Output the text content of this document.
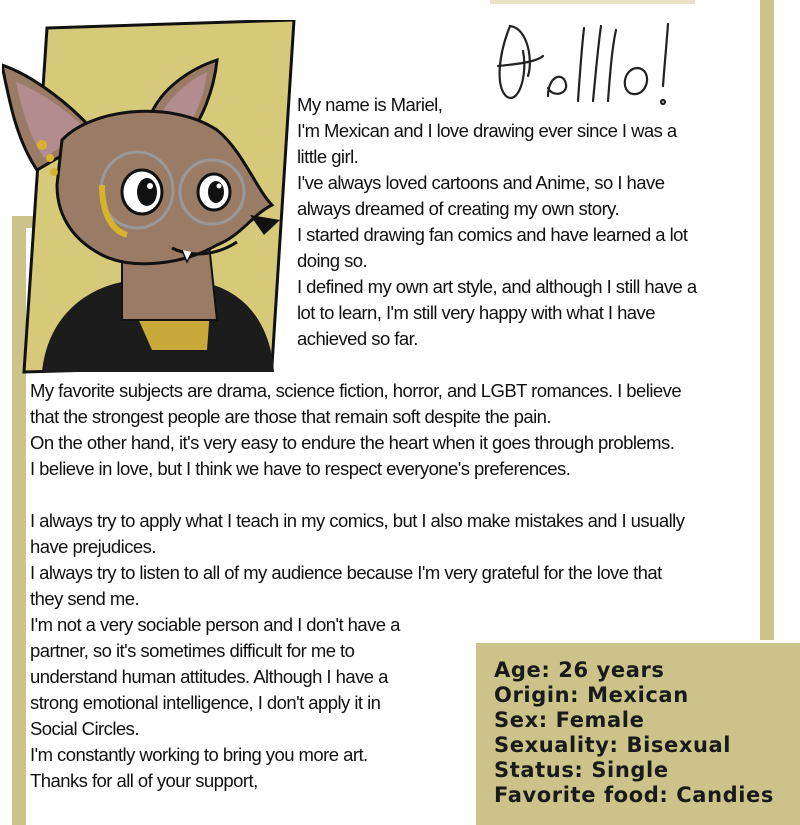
My name is Mariel,

I'm Mexican and I love drawing ever since I was a

little girl.

I've always loved cartoons and Anime, so I have

always dreamed of creating my own story.

I started drawing fan comics and have learned a lot

doing so.

I defined my own art style, and although I still have a

lot to learn, I'm still very happy with what I have

achieved so far.

My favorite subjects are drama, science fiction, horror, and LGBT romances. I believe

that the strongest people are those that remain soft despite the pain.

On the other hand, it's very easy to endure the heart when it goes through problems.

I believe in love, but I think we have to respect everyone's preferences.

I always try to apply what I teach in my comics, but I also make mistakes and I usually

have prejudices.

I always try to listen to all of my audience because I'm very grateful for the love that

they send me.

I'm not a very sociable person and I don't have a

partner, so it's sometimes difficult for me to

understand human attitudes. Although I have a

strong emotional intelligence, I don't apply it in

Social Circles.

I'm constantly working to bring you more art.

Thanks for all of your support,

Age: 26 years
Origin: Mexican
Sex: Female
Sexuality: Bisexual
Status: Single
Favorite food: Candies
